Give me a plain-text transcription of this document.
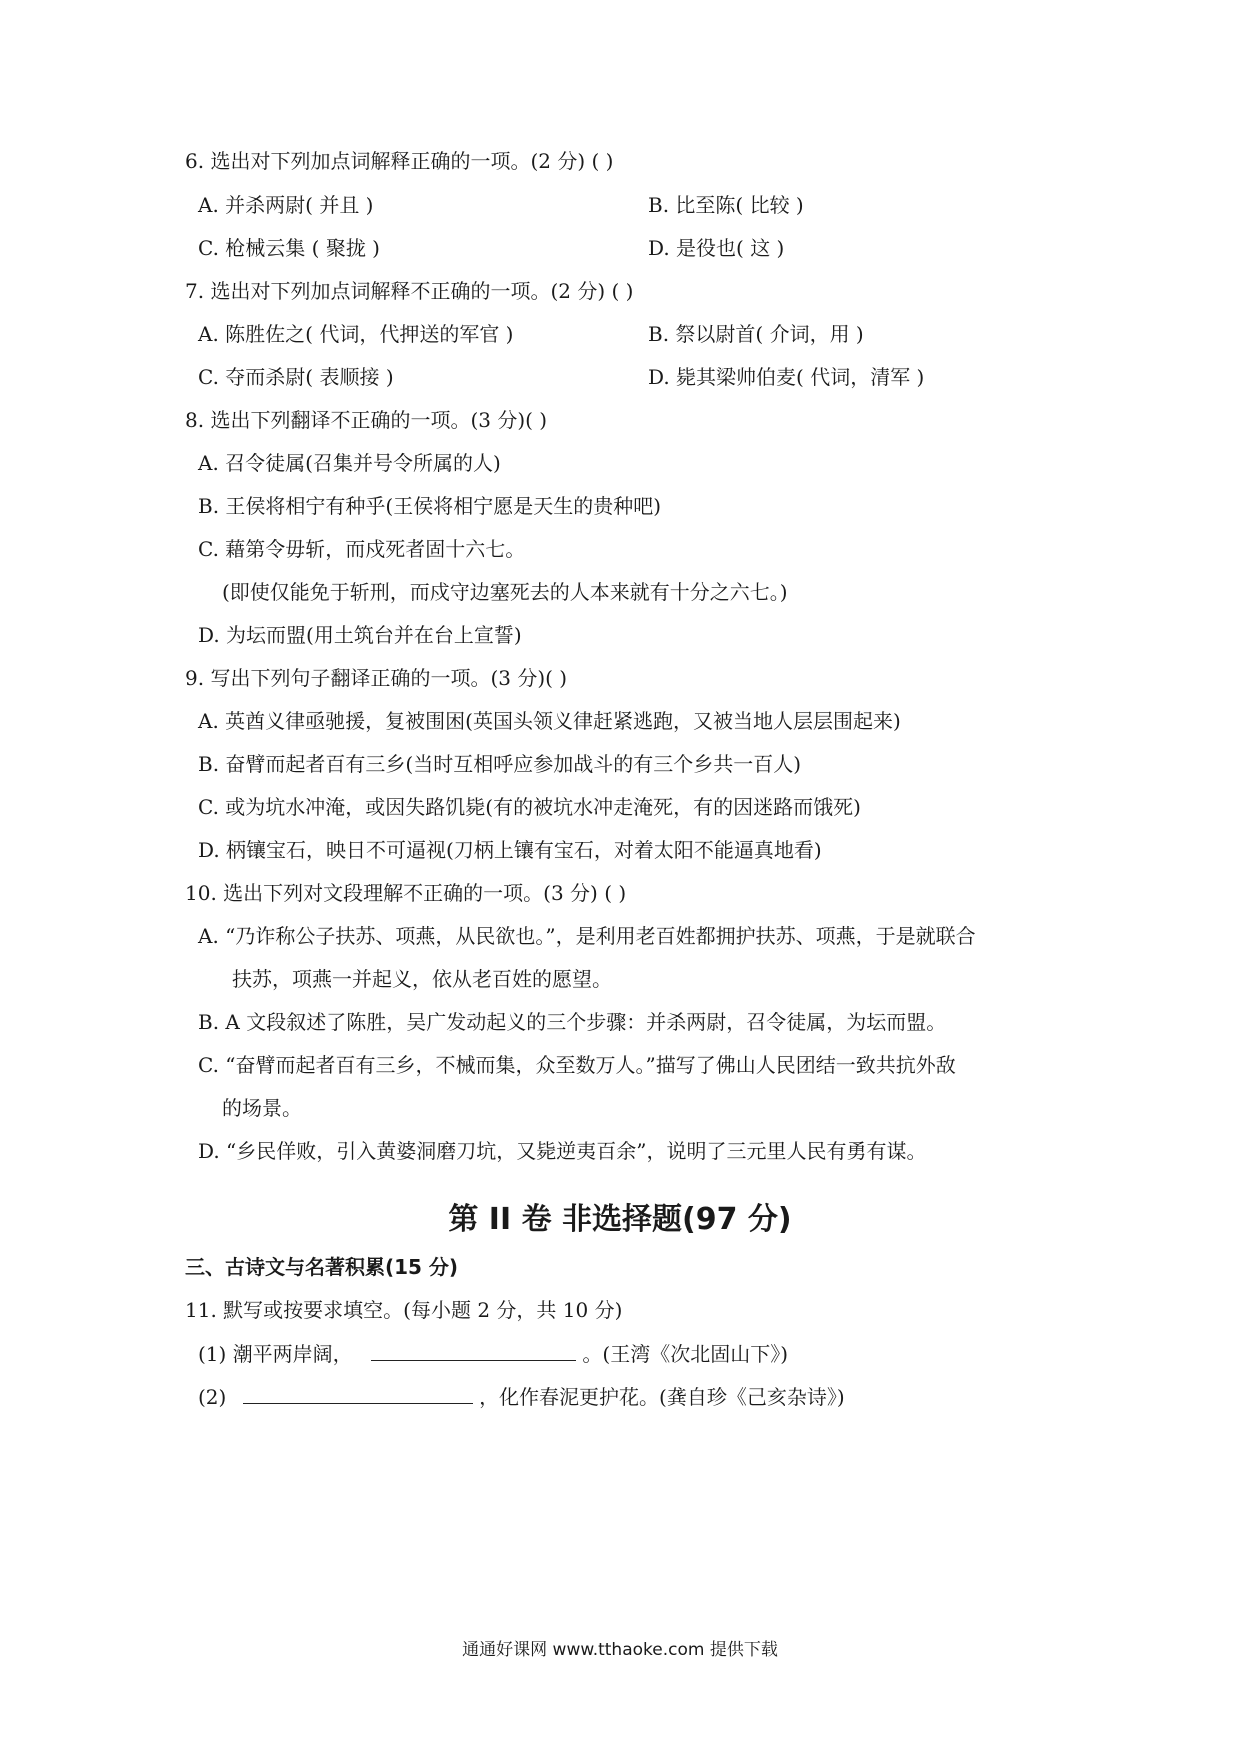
6. 选出对下列加点词解释正确的一项。(2 分) ( )
A. 并杀两尉( 并且 )	B. 比至陈( 比较 )
C. 枪械云集 ( 聚拢 )	D. 是役也( 这 )
7. 选出对下列加点词解释不正确的一项。(2 分) ( )
A. 陈胜佐之( 代词，代押送的军官 )	B. 祭以尉首( 介词，用 )
C. 夺而杀尉( 表顺接 )	D. 毙其梁帅伯麦( 代词，清军 )
8. 选出下列翻译不正确的一项。(3 分)( )
A. 召令徒属(召集并号令所属的人)
B. 王侯将相宁有种乎(王侯将相宁愿是天生的贵种吧)
C. 藉第令毋斩，而戍死者固十六七。
(即使仅能免于斩刑，而戍守边塞死去的人本来就有十分之六七。)
D. 为坛而盟(用土筑台并在台上宣誓)
9. 写出下列句子翻译正确的一项。(3 分)( )
A. 英酋义律亟驰援，复被围困(英国头领义律赶紧逃跑，又被当地人层层围起来)
B. 奋臂而起者百有三乡(当时互相呼应参加战斗的有三个乡共一百人)
C. 或为坑水冲淹，或因失路饥毙(有的被坑水冲走淹死，有的因迷路而饿死)
D. 柄镶宝石，映日不可逼视(刀柄上镶有宝石，对着太阳不能逼真地看)
10. 选出下列对文段理解不正确的一项。(3 分) ( )
A. “乃诈称公子扶苏、项燕，从民欲也。”，是利用老百姓都拥护扶苏、项燕，于是就联合
扶苏，项燕一并起义，依从老百姓的愿望。
B. A 文段叙述了陈胜，吴广发动起义的三个步骤：并杀两尉，召令徒属，为坛而盟。
C. “奋臂而起者百有三乡，不械而集，众至数万人。”描写了佛山人民团结一致共抗外敌
的场景。
D. “乡民佯败，引入黄婆洞磨刀坑，又毙逆夷百余”，说明了三元里人民有勇有谋。
第 II 卷 非选择题(97 分)
三、古诗文与名著积累(15 分)
11. 默写或按要求填空。(每小题 2 分，共 10 分)
(1) 潮平两岸阔，	。(王湾《次北固山下》)
(2)	，化作春泥更护花。(龚自珍《己亥杂诗》)
通通好课网 www.tthaoke.com 提供下载
